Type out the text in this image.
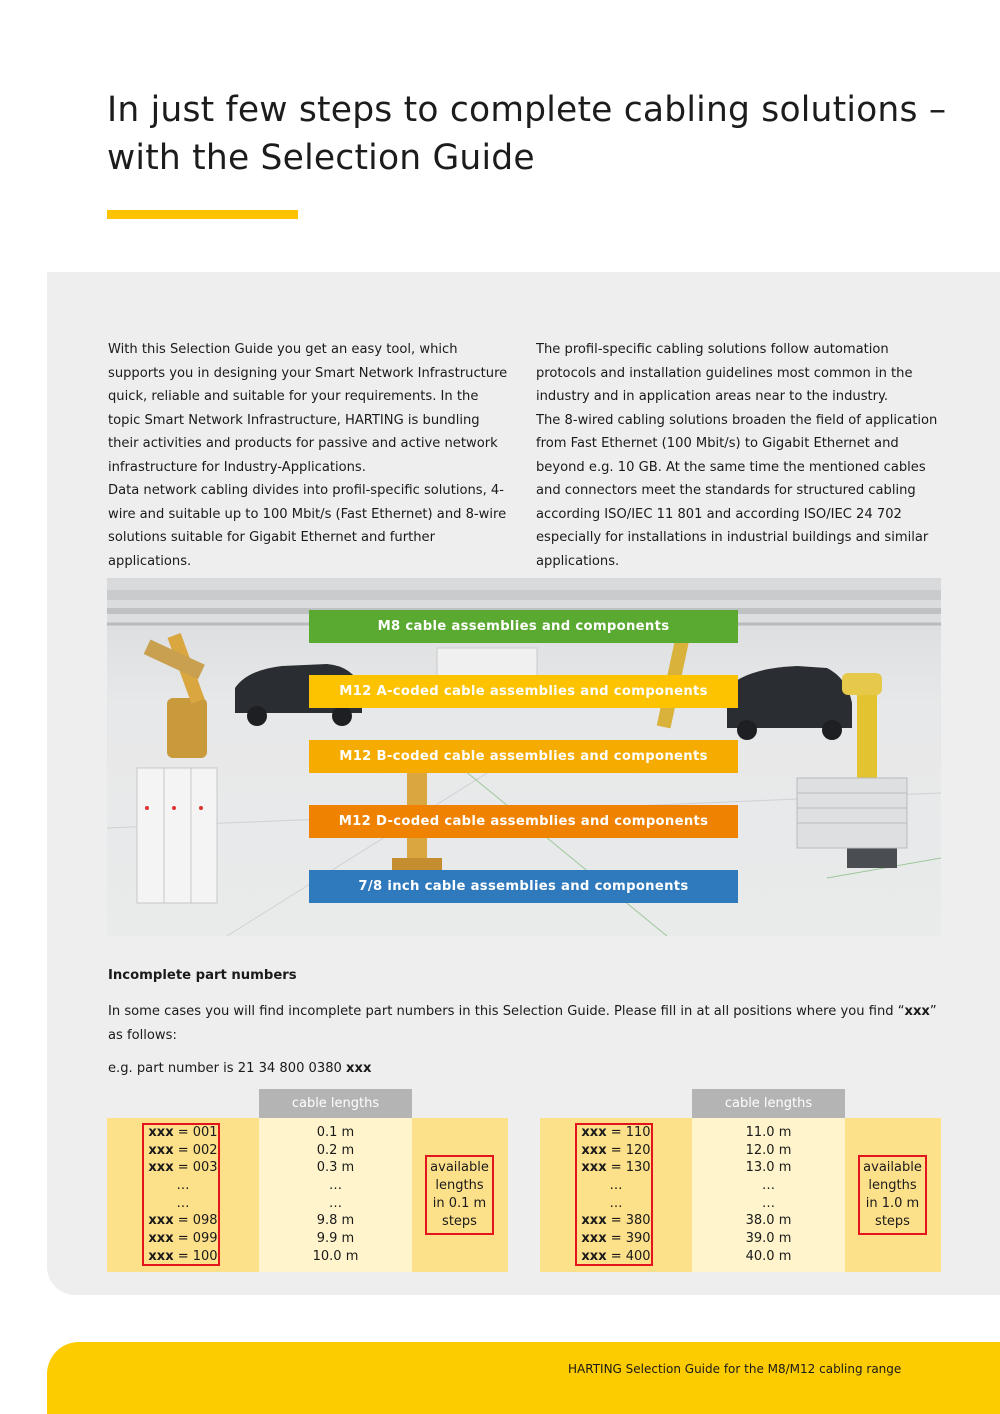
In just few steps to complete cabling solutions –
with the Selection Guide

With this Selection Guide you get an easy tool, which supports you in designing your Smart Network Infrastructure quick, reliable and suitable for your requirements. In the topic Smart Network Infrastructure, HARTING is bundling their activities and products for passive and active network infrastructure for Industry-Applications.

Data network cabling divides into profil-specific solutions, 4-wire and suitable up to 100 Mbit/s (Fast Ethernet) and 8-wire solutions suitable for Gigabit Ethernet and further applications.

The profil-specific cabling solutions follow automation protocols and installation guidelines most common in the industry and in application areas near to the industry.

The 8-wired cabling solutions broaden the field of application from Fast Ethernet (100 Mbit/s) to Gigabit Ethernet and beyond e.g. 10 GB. At the same time the mentioned cables and connectors meet the standards for structured cabling according ISO/IEC 11 801 and according ISO/IEC 24 702 especially for installations in industrial buildings and similar applications.

M8 cable assemblies and components
M12 A-coded cable assemblies and components
M12 B-coded cable assemblies and components
M12 D-coded cable assemblies and components
7/8 inch cable assemblies and components
Incomplete part numbers
In some cases you will find incomplete part numbers in this Selection Guide. Please fill in at all positions where you find “xxx” as follows:
e.g. part number is 21 34 800 0380 xxx
cable lengths
xxx = 001
xxx = 002
xxx = 003
…
…
xxx = 098
xxx = 099
xxx = 100
0.1 m
0.2 m
0.3 m
…
…
9.8 m
9.9 m
10.0 m
available
lengths
in 0.1 m
steps
cable lengths
xxx = 110
xxx = 120
xxx = 130
…
…
xxx = 380
xxx = 390
xxx = 400
11.0 m
12.0 m
13.0 m
…
…
38.0 m
39.0 m
40.0 m
available
lengths
in 1.0 m
steps
HARTING Selection Guide for the M8/M12 cabling range
